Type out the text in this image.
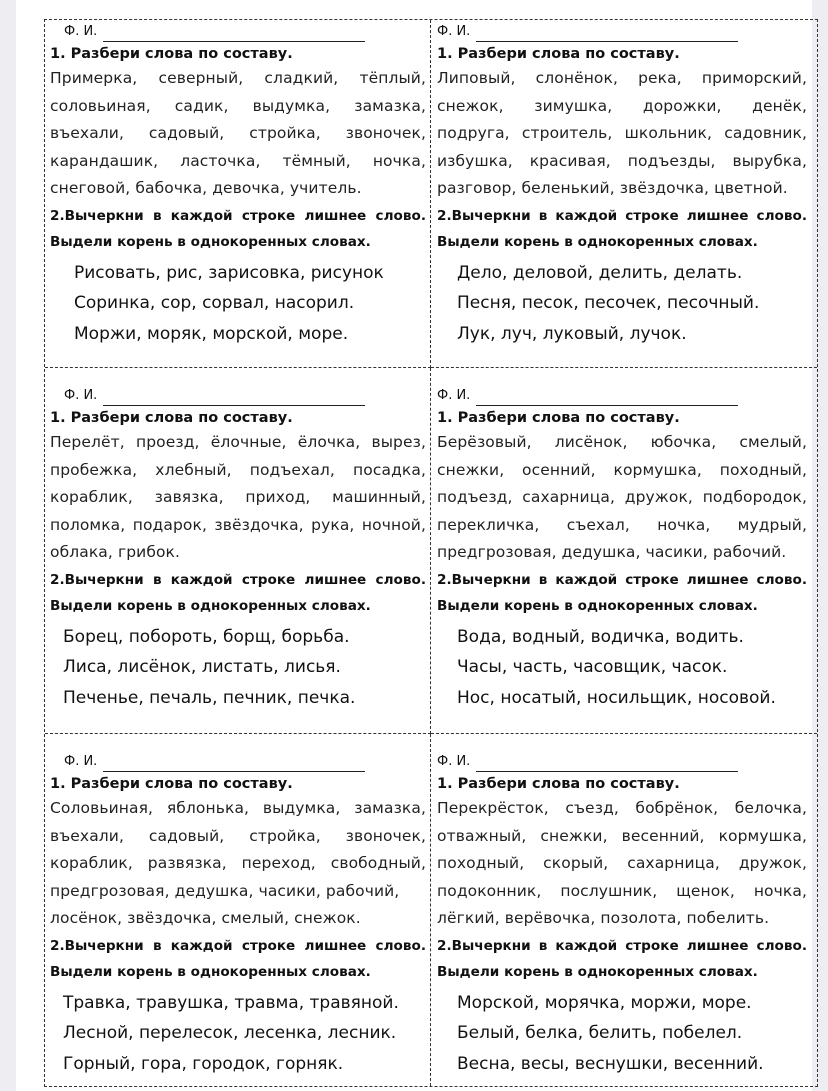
Ф. И.
1. Разбери слова по составу.
Примерка, северный, сладкий, тёплый,
соловьиная, садик, выдумка, замазка,
въехали, садовый, стройка, звоночек,
карандашик, ласточка, тёмный, ночка,
снеговой, бабочка, девочка, учитель.
2.Вычеркни в каждой строке лишнее слово.
Выдели корень в однокоренных словах.
Рисовать, рис, зарисовка, рисунок
Соринка, сор, сорвал, насорил.
Моржи, моряк, морской, море.
Ф. И.
1. Разбери слова по составу.
Липовый, слонёнок, река, приморский,
снежок, зимушка, дорожки, денёк,
подруга, строитель, школьник, садовник,
избушка, красивая, подъезды, вырубка,
разговор, беленький, звёздочка, цветной.
2.Вычеркни в каждой строке лишнее слово.
Выдели корень в однокоренных словах.
Дело, деловой, делить, делать.
Песня, песок, песочек, песочный.
Лук, луч, луковый, лучок.
Ф. И.
1. Разбери слова по составу.
Перелёт, проезд, ёлочные, ёлочка, вырез,
пробежка, хлебный, подъехал, посадка,
кораблик, завязка, приход, машинный,
поломка, подарок, звёздочка, рука, ночной,
облака, грибок.
2.Вычеркни в каждой строке лишнее слово.
Выдели корень в однокоренных словах.
Борец, побороть, борщ, борьба.
Лиса, лисёнок, листать, лисья.
Печенье, печаль, печник, печка.
Ф. И.
1. Разбери слова по составу.
Берёзовый, лисёнок, юбочка, смелый,
снежки, осенний, кормушка, походный,
подъезд, сахарница, дружок, подбородок,
перекличка, съехал, ночка, мудрый,
предгрозовая, дедушка, часики, рабочий.
2.Вычеркни в каждой строке лишнее слово.
Выдели корень в однокоренных словах.
Вода, водный, водичка, водить.
Часы, часть, часовщик, часок.
Нос, носатый, носильщик, носовой.
Ф. И.
1. Разбери слова по составу.
Соловьиная, яблонька, выдумка, замазка,
въехали, садовый, стройка, звоночек,
кораблик, развязка, переход, свободный,
предгрозовая, дедушка, часики, рабочий,
лосёнок, звёздочка, смелый, снежок.
2.Вычеркни в каждой строке лишнее слово.
Выдели корень в однокоренных словах.
Травка, травушка, травма, травяной.
Лесной, перелесок, лесенка, лесник.
Горный, гора, городок, горняк.
Ф. И.
1. Разбери слова по составу.
Перекрёсток, съезд, бобрёнок, белочка,
отважный, снежки, весенний, кормушка,
походный, скорый, сахарница, дружок,
подоконник, послушник, щенок, ночка,
лёгкий, верёвочка, позолота, побелить.
2.Вычеркни в каждой строке лишнее слово.
Выдели корень в однокоренных словах.
Морской, морячка, моржи, море.
Белый, белка, белить, побелел.
Весна, весы, веснушки, весенний.
